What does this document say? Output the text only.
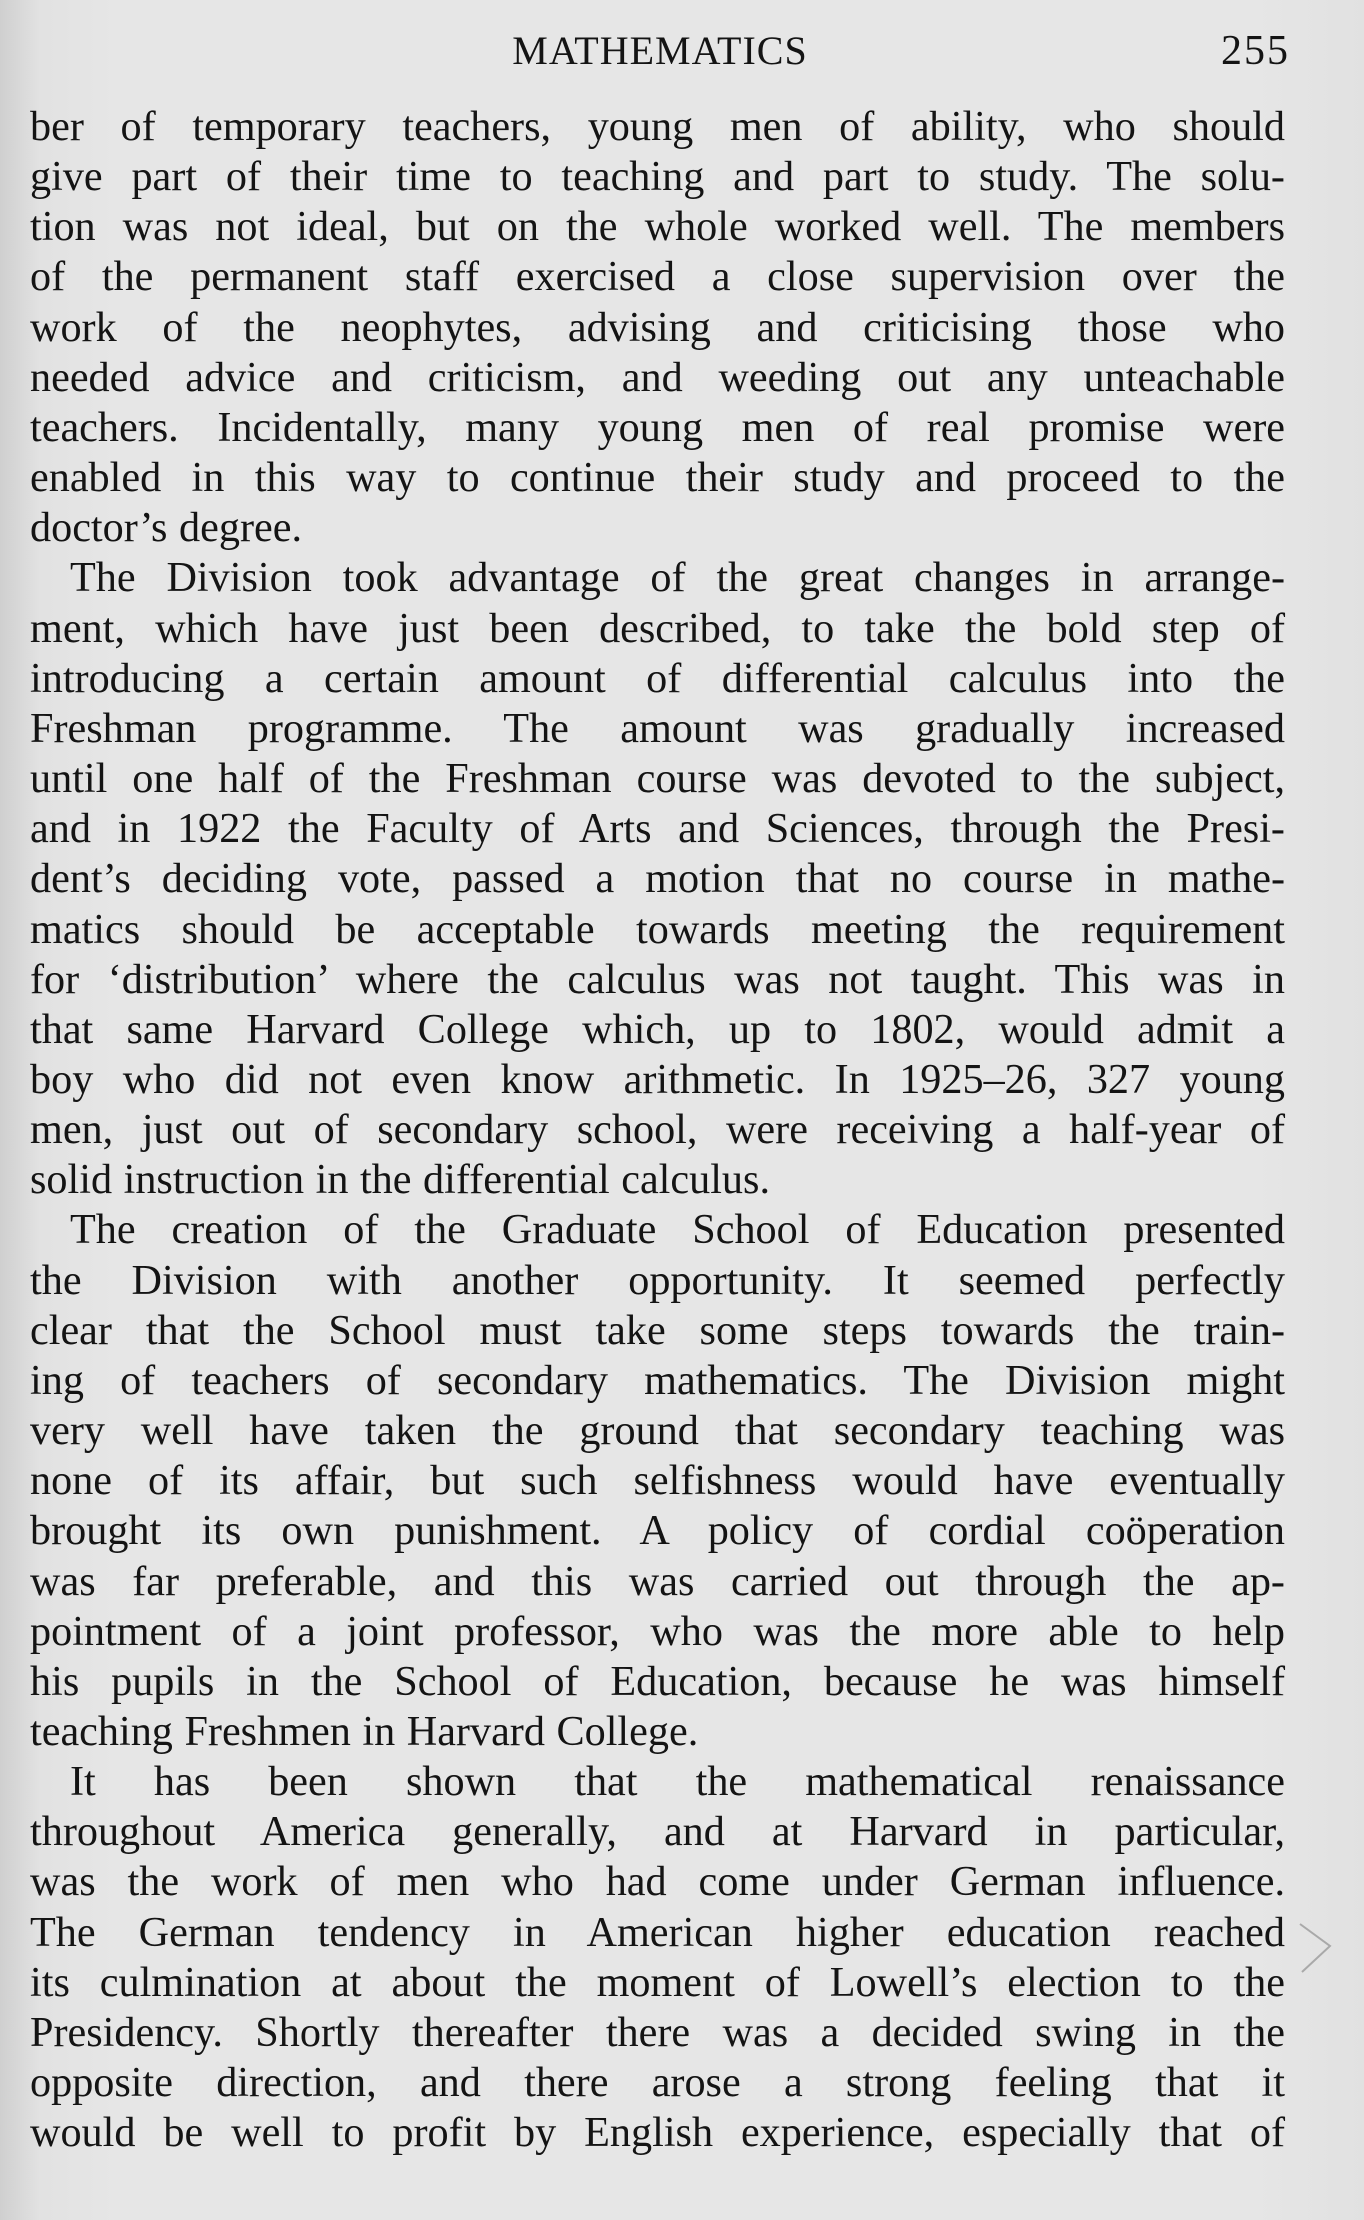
MATHEMATICS	255

ber of temporary teachers, young men of ability, who should

give part of their time to teaching and part to study. The solu-

tion was not ideal, but on the whole worked well. The members

of the permanent staff exercised a close supervision over the

work of the neophytes, advising and criticising those who

needed advice and criticism, and weeding out any unteachable

teachers. Incidentally, many young men of real promise were

enabled in this way to continue their study and proceed to the

doctor’s degree.

The Division took advantage of the great changes in arrange-

ment, which have just been described, to take the bold step of

introducing a certain amount of differential calculus into the

Freshman programme. The amount was gradually increased

until one half of the Freshman course was devoted to the subject,

and in 1922 the Faculty of Arts and Sciences, through the Presi-

dent’s deciding vote, passed a motion that no course in mathe-

matics should be acceptable towards meeting the requirement

for ‘distribution’ where the calculus was not taught. This was in

that same Harvard College which, up to 1802, would admit a

boy who did not even know arithmetic. In 1925–26, 327 young

men, just out of secondary school, were receiving a half-year of

solid instruction in the differential calculus.

The creation of the Graduate School of Education presented

the Division with another opportunity. It seemed perfectly

clear that the School must take some steps towards the train-

ing of teachers of secondary mathematics. The Division might

very well have taken the ground that secondary teaching was

none of its affair, but such selfishness would have eventually

brought its own punishment. A policy of cordial coöperation

was far preferable, and this was carried out through the ap-

pointment of a joint professor, who was the more able to help

his pupils in the School of Education, because he was himself

teaching Freshmen in Harvard College.

It has been shown that the mathematical renaissance

throughout America generally, and at Harvard in particular,

was the work of men who had come under German influence.

The German tendency in American higher education reached

its culmination at about the moment of Lowell’s election to the

Presidency. Shortly thereafter there was a decided swing in the

opposite direction, and there arose a strong feeling that it

would be well to profit by English experience, especially that of
